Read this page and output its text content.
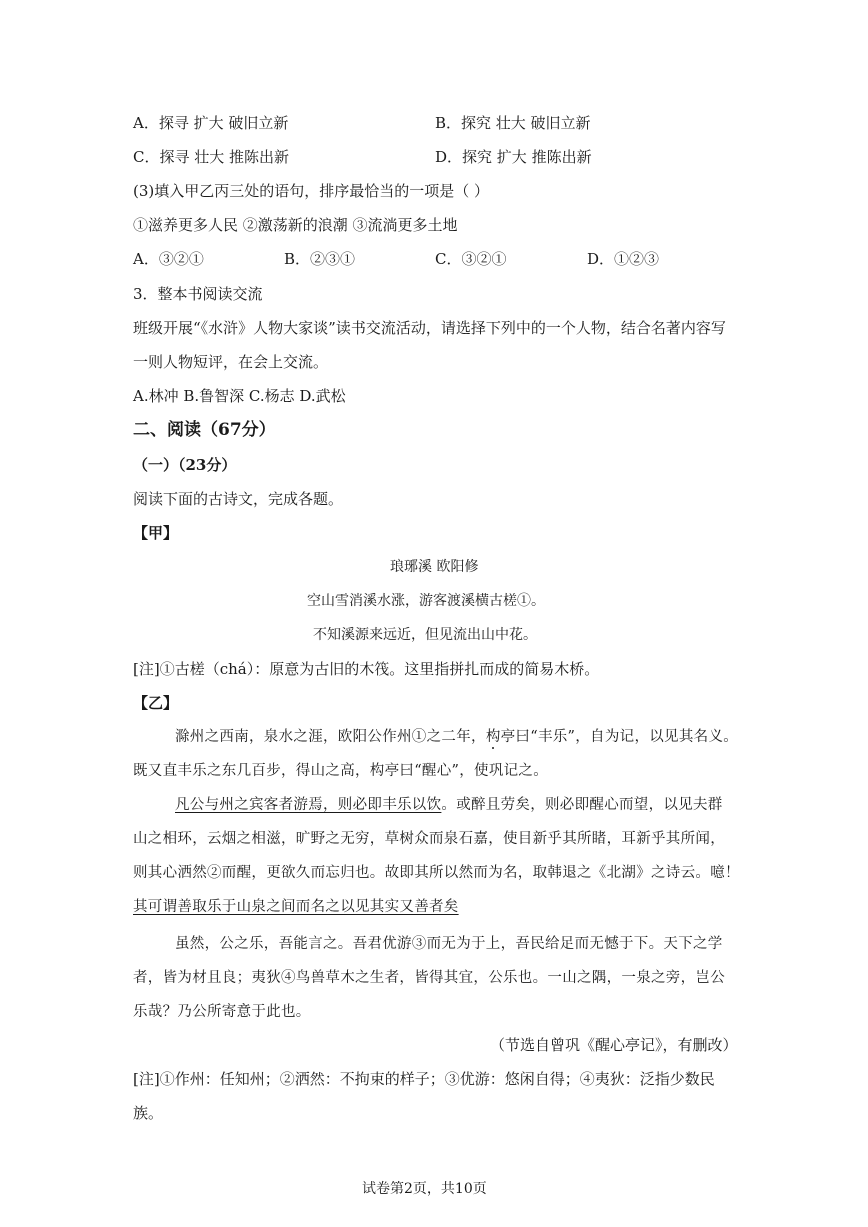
A．探寻 扩大 破旧立新	B．探究 壮大 破旧立新
C．探寻 壮大 推陈出新	D．探究 扩大 推陈出新
(3)填入甲乙丙三处的语句，排序最恰当的一项是（ ）
①滋养更多人民 ②激荡新的浪潮 ③流淌更多土地
A．③②①	B．②③①	C．③②①	D．①②③
3．整本书阅读交流
班级开展“《水浒》人物大家谈”读书交流活动，请选择下列中的一个人物，结合名著内容写
一则人物短评，在会上交流。
A.林冲 B.鲁智深 C.杨志 D.武松
二、阅读（67分）
（一）（23分）
阅读下面的古诗文，完成各题。
【甲】
琅琊溪 欧阳修
空山雪消溪水涨，游客渡溪横古槎①。
不知溪源来远近，但见流出山中花。
[注]①古槎（chá）：原意为古旧的木筏。这里指拼扎而成的简易木桥。
【乙】
滁州之西南，泉水之涯，欧阳公作州①之二年，构亭曰“丰乐”，自为记，以见其名义。
既又直丰乐之东几百步，得山之高，构亭曰“醒心”，使巩记之。
凡公与州之宾客者游焉，则必即丰乐以饮。或醉且劳矣，则必即醒心而望，以见夫群
山之相环，云烟之相滋，旷野之无穷，草树众而泉石嘉，使目新乎其所睹，耳新乎其所闻，
则其心洒然②而醒，更欲久而忘归也。故即其所以然而为名，取韩退之《北湖》之诗云。噫！
其可谓善取乐于山泉之间而名之以见其实又善者矣
虽然，公之乐，吾能言之。吾君优游③而无为于上，吾民给足而无憾于下。天下之学
者，皆为材且良；夷狄④鸟兽草木之生者，皆得其宜，公乐也。一山之隅，一泉之旁，岂公
乐哉？乃公所寄意于此也。
（节选自曾巩《醒心亭记》，有删改）
[注]①作州：任知州；②洒然：不拘束的样子；③优游：悠闲自得；④夷狄：泛指少数民
族。
试卷第2页，共10页
